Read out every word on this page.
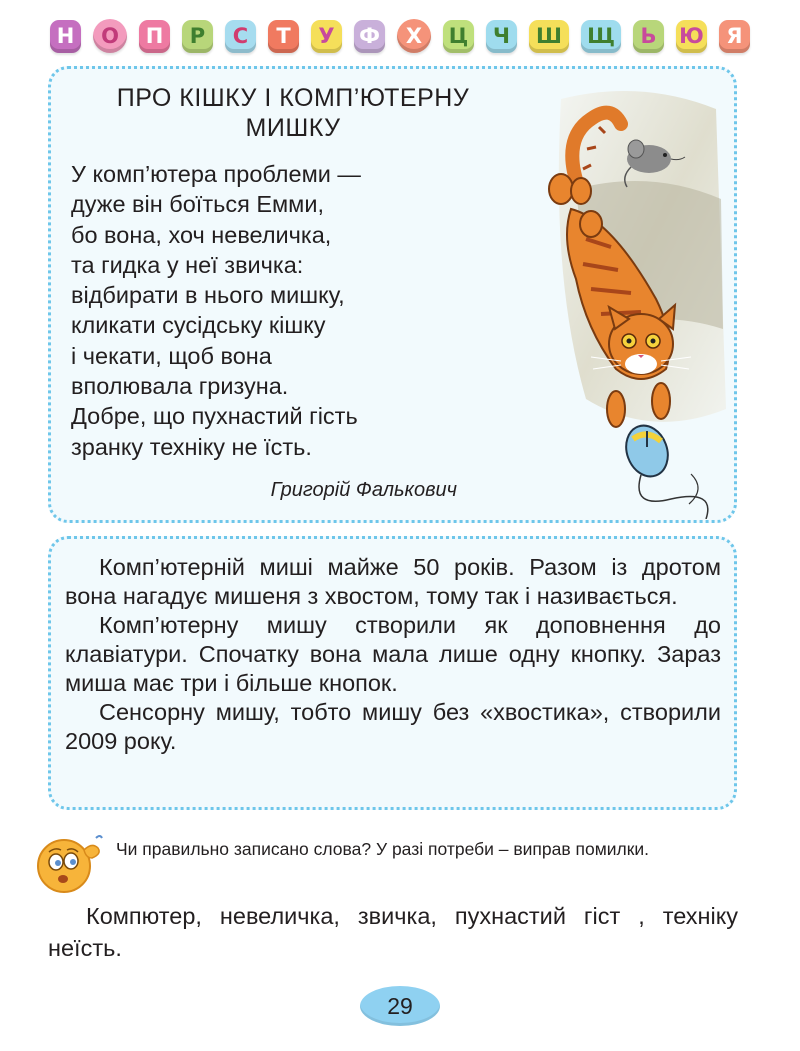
Н	О	П	Р	С	Т	У	Ф	Х	Ц	Ч	Ш	Щ	Ь	Ю	Я
ПРО КІШКУ І КОМП’ЮТЕРНУ
МИШКУ
У комп’ютера проблеми —
дуже він боїться Емми,
бо вона, хоч невеличка,
та гидка у неї звичка:
відбирати в нього мишку,
кликати сусідську кішку
і чекати, щоб вона
вполювала гризуна.
Добре, що пухнастий гість
зранку техніку не їсть.
Григорій Фалькович

Комп’ютерній миші майже 50 років. Разом із дротом вона нагадує мишеня з хвостом, тому так і називається.

Комп’ютерну мишу створили як доповнення до клавіатури. Спочатку вона мала лише одну кнопку. Зараз миша має три і більше кнопок.

Сенсорну мишу, тобто мишу без «хвостика», створили 2009 року.

Чи правильно записано слова? У разі потреби – виправ помилки.
Компютер, невеличка, звичка, пухнастий гіст , техніку неїсть.
29
